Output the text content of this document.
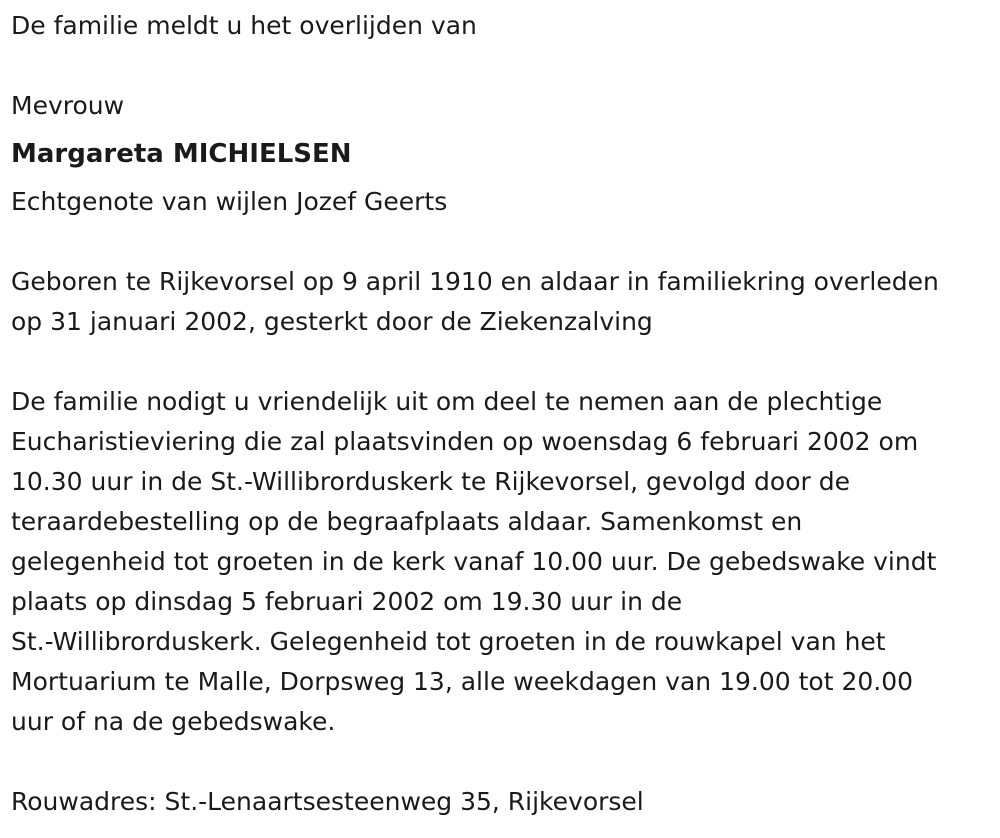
De familie meldt u het overlijden van
Mevrouw
Margareta MICHIELSEN
Echtgenote van wijlen Jozef Geerts
Geboren te Rijkevorsel op 9 april 1910 en aldaar in familiekring overleden
op 31 januari 2002, gesterkt door de Ziekenzalving
De familie nodigt u vriendelijk uit om deel te nemen aan de plechtige
Eucharistieviering die zal plaatsvinden op woensdag 6 februari 2002 om
10.30 uur in de St.-Willibrorduskerk te Rijkevorsel, gevolgd door de
teraardebestelling op de begraafplaats aldaar. Samenkomst en
gelegenheid tot groeten in de kerk vanaf 10.00 uur. De gebedswake vindt
plaats op dinsdag 5 februari 2002 om 19.30 uur in de
St.-Willibrorduskerk. Gelegenheid tot groeten in de rouwkapel van het
Mortuarium te Malle, Dorpsweg 13, alle weekdagen van 19.00 tot 20.00
uur of na de gebedswake.
Rouwadres: St.-Lenaartsesteenweg 35, Rijkevorsel
